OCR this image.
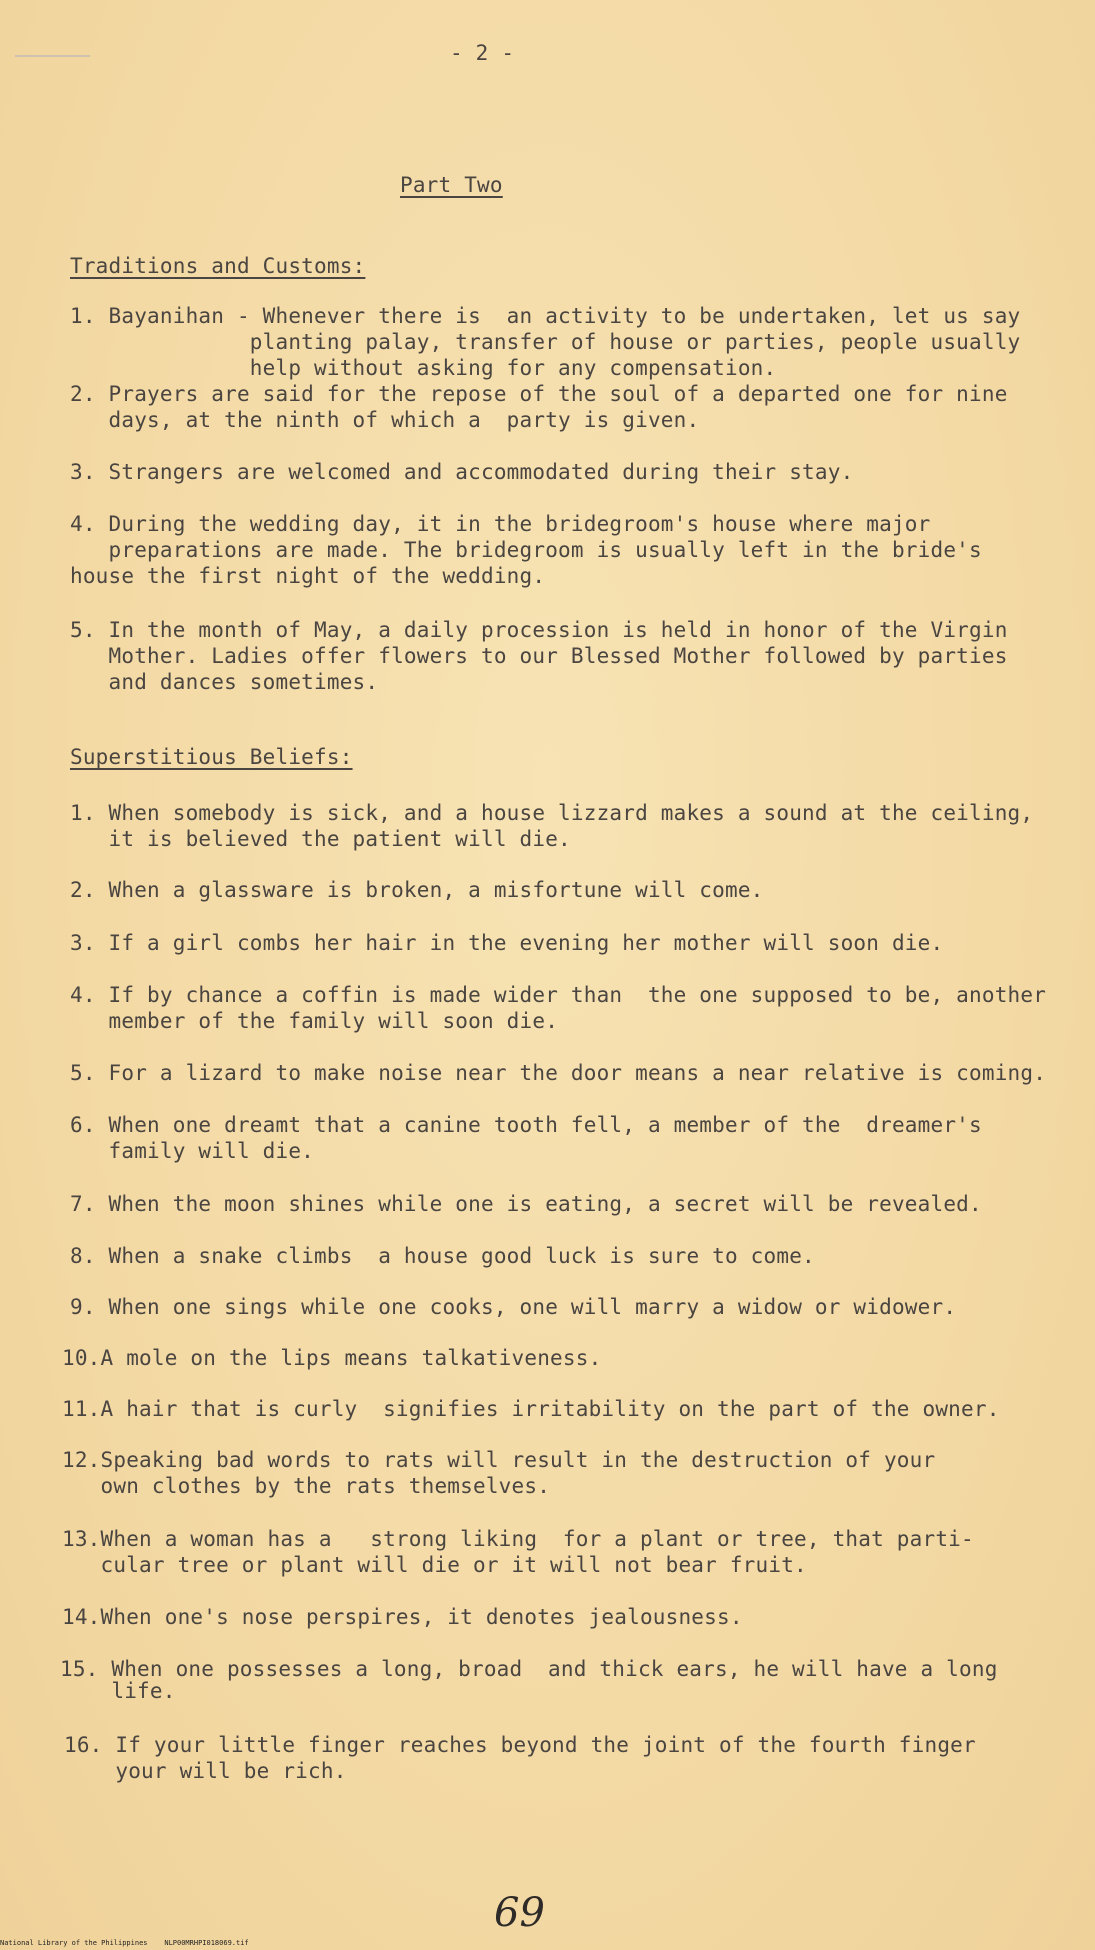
- 2 -
Part Two
Traditions and Customs:
1. Bayanihan - Whenever there is  an activity to be undertaken, let us say
planting palay, transfer of house or parties, people usually
help without asking for any compensation.
2. Prayers are said for the repose of the soul of a departed one for nine
days, at the ninth of which a  party is given.
3. Strangers are welcomed and accommodated during their stay.
4. During the wedding day, it in the bridegroom's house where major
preparations are made. The bridegroom is usually left in the bride's
house the first night of the wedding.
5. In the month of May, a daily procession is held in honor of the Virgin
Mother. Ladies offer flowers to our Blessed Mother followed by parties
and dances sometimes.
Superstitious Beliefs:
1. When somebody is sick, and a house lizzard makes a sound at the ceiling,
it is believed the patient will die.
2. When a glassware is broken, a misfortune will come.
3. If a girl combs her hair in the evening her mother will soon die.
4. If by chance a coffin is made wider than  the one supposed to be, another
member of the family will soon die.
5. For a lizard to make noise near the door means a near relative is coming.
6. When one dreamt that a canine tooth fell, a member of the  dreamer's
family will die.
7. When the moon shines while one is eating, a secret will be revealed.
8. When a snake climbs  a house good luck is sure to come.
9. When one sings while one cooks, one will marry a widow or widower.
10.A mole on the lips means talkativeness.
11.A hair that is curly  signifies irritability on the part of the owner.
12.Speaking bad words to rats will result in the destruction of your
own clothes by the rats themselves.
13.When a woman has a   strong liking  for a plant or tree, that parti-
cular tree or plant will die or it will not bear fruit.
14.When one's nose perspires, it denotes jealousness.
15. When one possesses a long, broad  and thick ears, he will have a long
life.
16. If your little finger reaches beyond the joint of the fourth finger
your will be rich.
69
National Library of the Philippines    NLP00MRHPI018069.tif
